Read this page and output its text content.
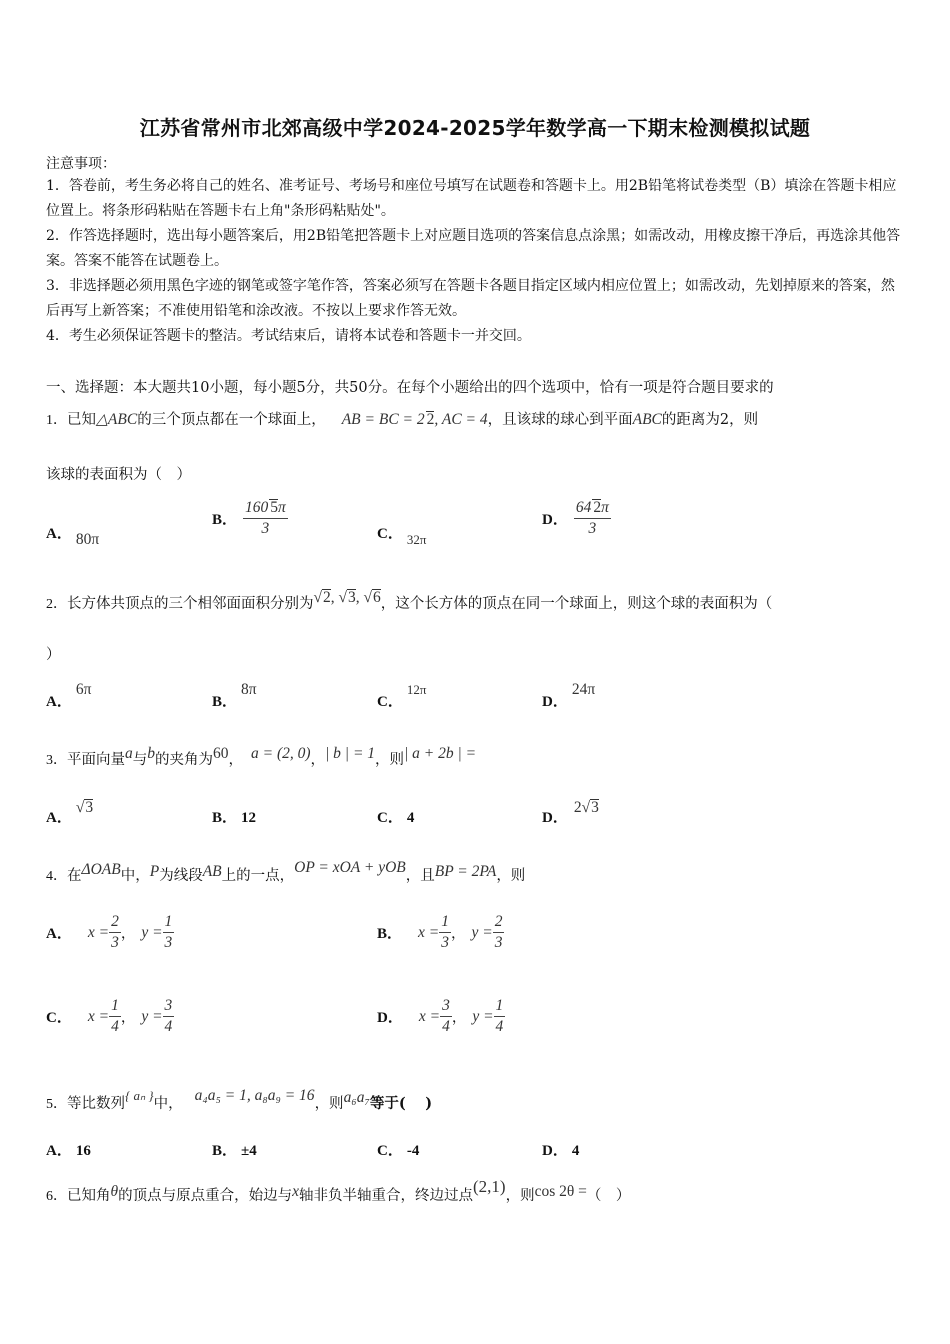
江苏省常州市北郊高级中学2024-2025学年数学高一下期末检测模拟试题
注意事项：
1．答卷前，考生务必将自己的姓名、准考证号、考场号和座位号填写在试题卷和答题卡上。用2B铅笔将试卷类型（B）填涂在答题卡相应位置上。将条形码粘贴在答题卡右上角"条形码粘贴处"。
2．作答选择题时，选出每小题答案后，用2B铅笔把答题卡上对应题目选项的答案信息点涂黑；如需改动，用橡皮擦干净后，再选涂其他答案。答案不能答在试题卷上。
3．非选择题必须用黑色字迹的钢笔或签字笔作答，答案必须写在答题卡各题目指定区域内相应位置上；如需改动，先划掉原来的答案，然后再写上新答案；不准使用铅笔和涂改液。不按以上要求作答无效。
4．考生必须保证答题卡的整洁。考试结束后，请将本试卷和答题卡一并交回。
一、选择题：本大题共10小题，每小题5分，共50分。在每个小题给出的四个选项中，恰有一项是符合题目要求的
1．已知△ABC的三个顶点都在一个球面上， AB = BC = 2 2, AC = 4，且该球的球心到平面ABC的距离为2，则
该球的表面积为（　）
A． 80π
B． $\frac{160 5\pi}{3}$	C． 32π
D． $\frac{64 2\pi}{3}$
2．长方体共顶点的三个相邻面面积分别为√2, √3, √6，这个长方体的顶点在同一个球面上，则这个球的表面积为（
）
A．6π
B．8π
C．12π
D．24π
3．平面向量a与b的夹角为60， a = (2, 0)，| b | = 1，则| a + 2b | =
A．√3
B． 12	C． 4	D．2√3
4．在ΔOAB中，P为线段AB上的一点，OP = xOA + yOB，且BP = 2PA，则
A． $x = \frac{2}{3}$ ， $y = \frac{1}{3}$	B． $x = \frac{1}{3}$ ， $y = \frac{2}{3}$
C． $x = \frac{1}{4}$ ， $y = \frac{3}{4}$	D． $x = \frac{3}{4}$ ， $y = \frac{1}{4}$
5．等比数列{ aₙ }中， a₄a₅ = 1, a₈a₉ = 16，则a₆a₇等于(　 )
A． 16	B． ±4	C． -4	D． 4
6．已知角θ的顶点与原点重合，始边与x轴非负半轴重合，终边过点(2,1)，则cos 2θ =（　）
